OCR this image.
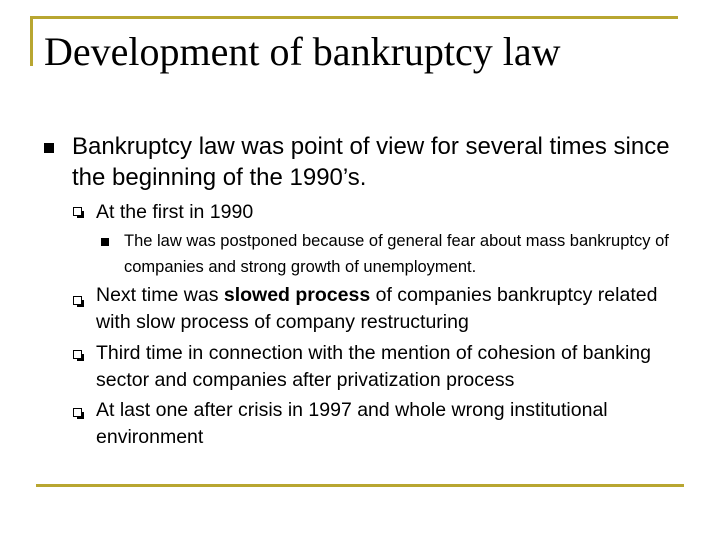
Development of bankruptcy law
Bankruptcy law was point of view for several times since the beginning of the 1990’s.
At the first in 1990
The law was postponed because of general fear about mass bankruptcy of companies and strong growth of unemployment.
Next time was slowed process of companies bankruptcy related with slow process of company restructuring
Third time in connection with the mention of cohesion of banking sector and companies after privatization process
At last one after crisis in 1997 and whole wrong institutional environment
